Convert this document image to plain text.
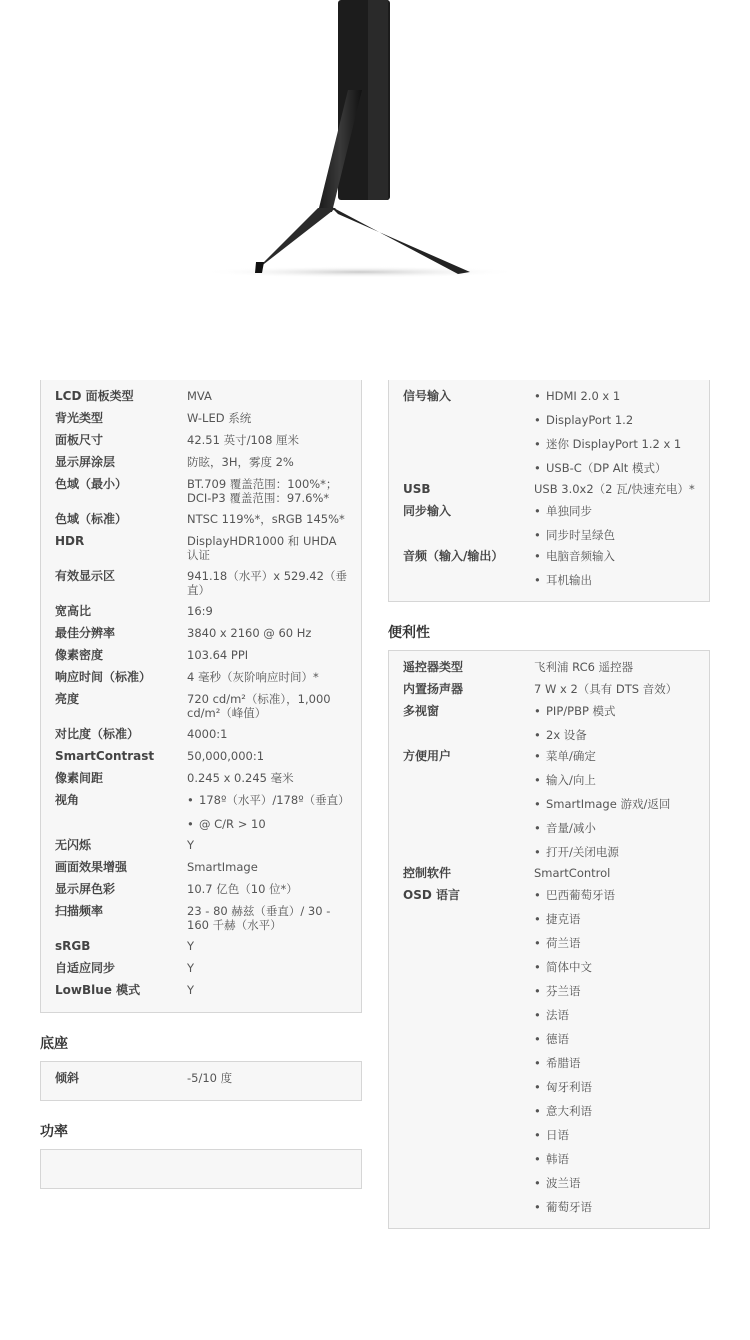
LCD 面板类型	MVA
背光类型	W-LED 系统
面板尺寸	42.51 英寸/108 厘米
显示屏涂层	防眩，3H，雾度 2%
色域（最小）	BT.709 覆盖范围：100%*；DCI-P3 覆盖范围：97.6%*
色域（标准）	NTSC 119%*，sRGB 145%*
HDR	DisplayHDR1000 和 UHDA 认证
有效显示区	941.18（水平）x 529.42（垂直）
宽高比	16:9
最佳分辨率	3840 x 2160 @ 60 Hz
像素密度	103.64 PPI
响应时间（标准）	4 毫秒（灰阶响应时间）*
亮度	720 cd/m²（标准），1,000 cd/m²（峰值）
对比度（标准）	4000:1
SmartContrast	50,000,000:1
像素间距	0.245 x 0.245 毫米
视角	• 178º（水平）/178º（垂直）
• @ C/R > 10
无闪烁	Y
画面效果增强	SmartImage
显示屏色彩	10.7 亿色（10 位*）
扫描频率	23 - 80 赫兹（垂直）/ 30 - 160 千赫（水平）
sRGB	Y
自适应同步	Y
LowBlue 模式	Y
底座
倾斜	-5/10 度
功率
信号输入	• HDMI 2.0 x 1
• DisplayPort 1.2
• 迷你 DisplayPort 1.2 x 1
• USB-C（DP Alt 模式）
USB	USB 3.0x2（2 瓦/快速充电）*
同步输入	• 单独同步
• 同步时呈绿色
音频（输入/输出）	• 电脑音频输入
• 耳机输出
便利性
遥控器类型	飞利浦 RC6 遥控器
内置扬声器	7 W x 2（具有 DTS 音效）
多视窗	• PIP/PBP 模式
• 2x 设备
方便用户	• 菜单/确定
• 输入/向上
• SmartImage 游戏/返回
• 音量/减小
• 打开/关闭电源
控制软件	SmartControl
OSD 语言	• 巴西葡萄牙语
• 捷克语
• 荷兰语
• 简体中文
• 芬兰语
• 法语
• 德语
• 希腊语
• 匈牙利语
• 意大利语
• 日语
• 韩语
• 波兰语
• 葡萄牙语
